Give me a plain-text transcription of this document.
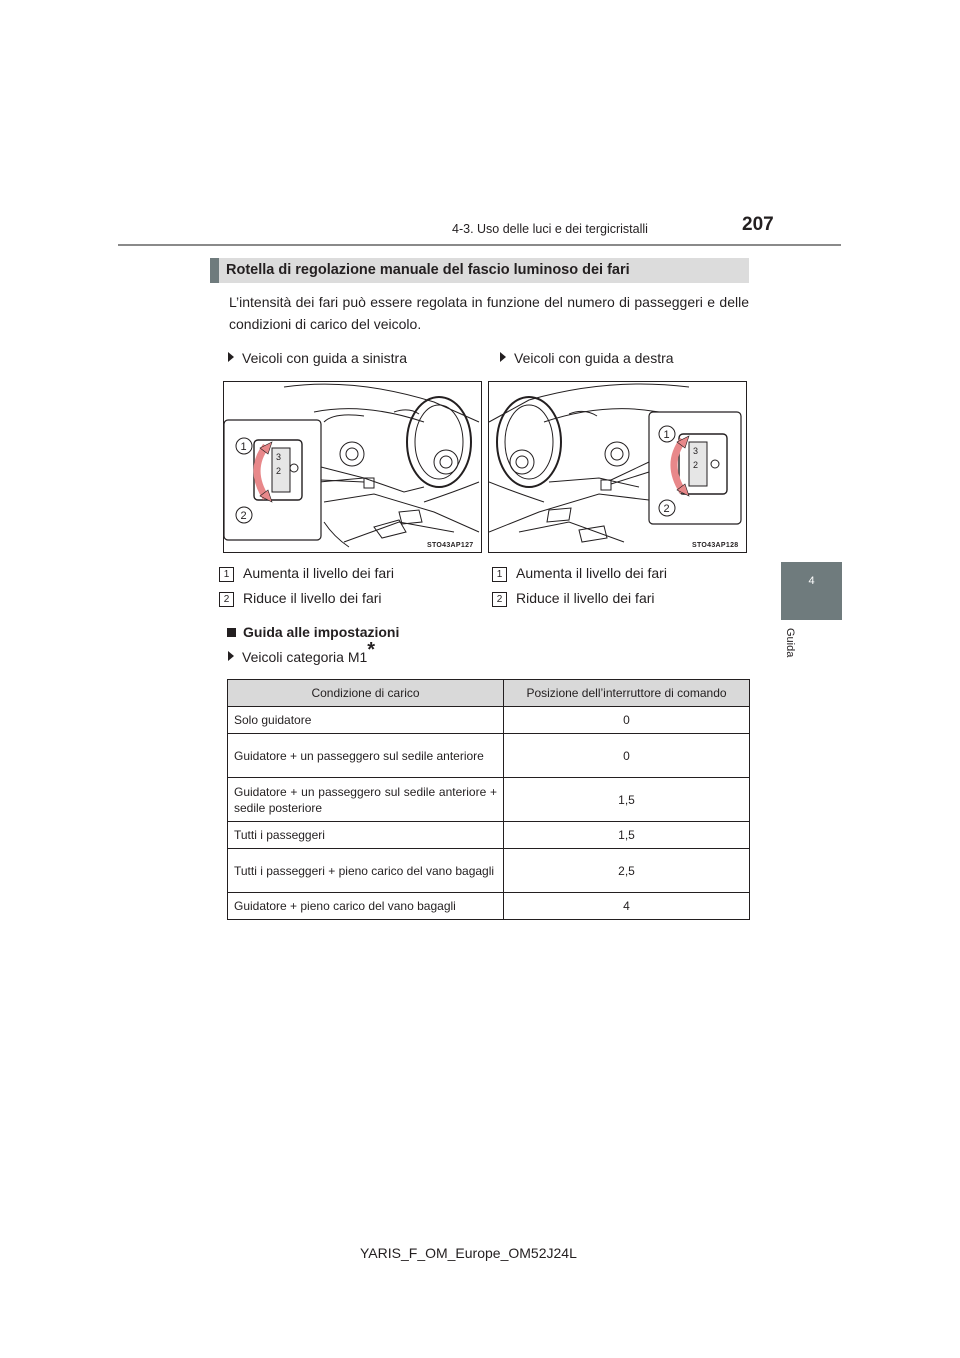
4-3. Uso delle luci e dei tergicristalli	207
4
Guida
Rotella di regolazione manuale del fascio luminoso dei fari
L’intensità dei fari può essere regolata in funzione del numero di passeggeri e delle condizioni di carico del veicolo.
Veicoli con guida a sinistra	Veicoli con guida a destra
3
2
1
2
STO43AP127
3
2
1
2
STO43AP128
1 Aumenta il livello dei fari
2 Riduce il livello dei fari
1 Aumenta il livello dei fari
2 Riduce il livello dei fari
Guida alle impostazioni
Veicoli categoria M1*
Condizione di carico	Posizione dell’interruttore di comando
Solo guidatore	0
Guidatore + un passeggero sul sedile anteriore	0
Guidatore + un passeggero sul sedile anteriore + sedile posteriore	1,5
Tutti i passeggeri	1,5
Tutti i passeggeri + pieno carico del vano bagagli	2,5
Guidatore + pieno carico del vano bagagli	4
YARIS_F_OM_Europe_OM52J24L
